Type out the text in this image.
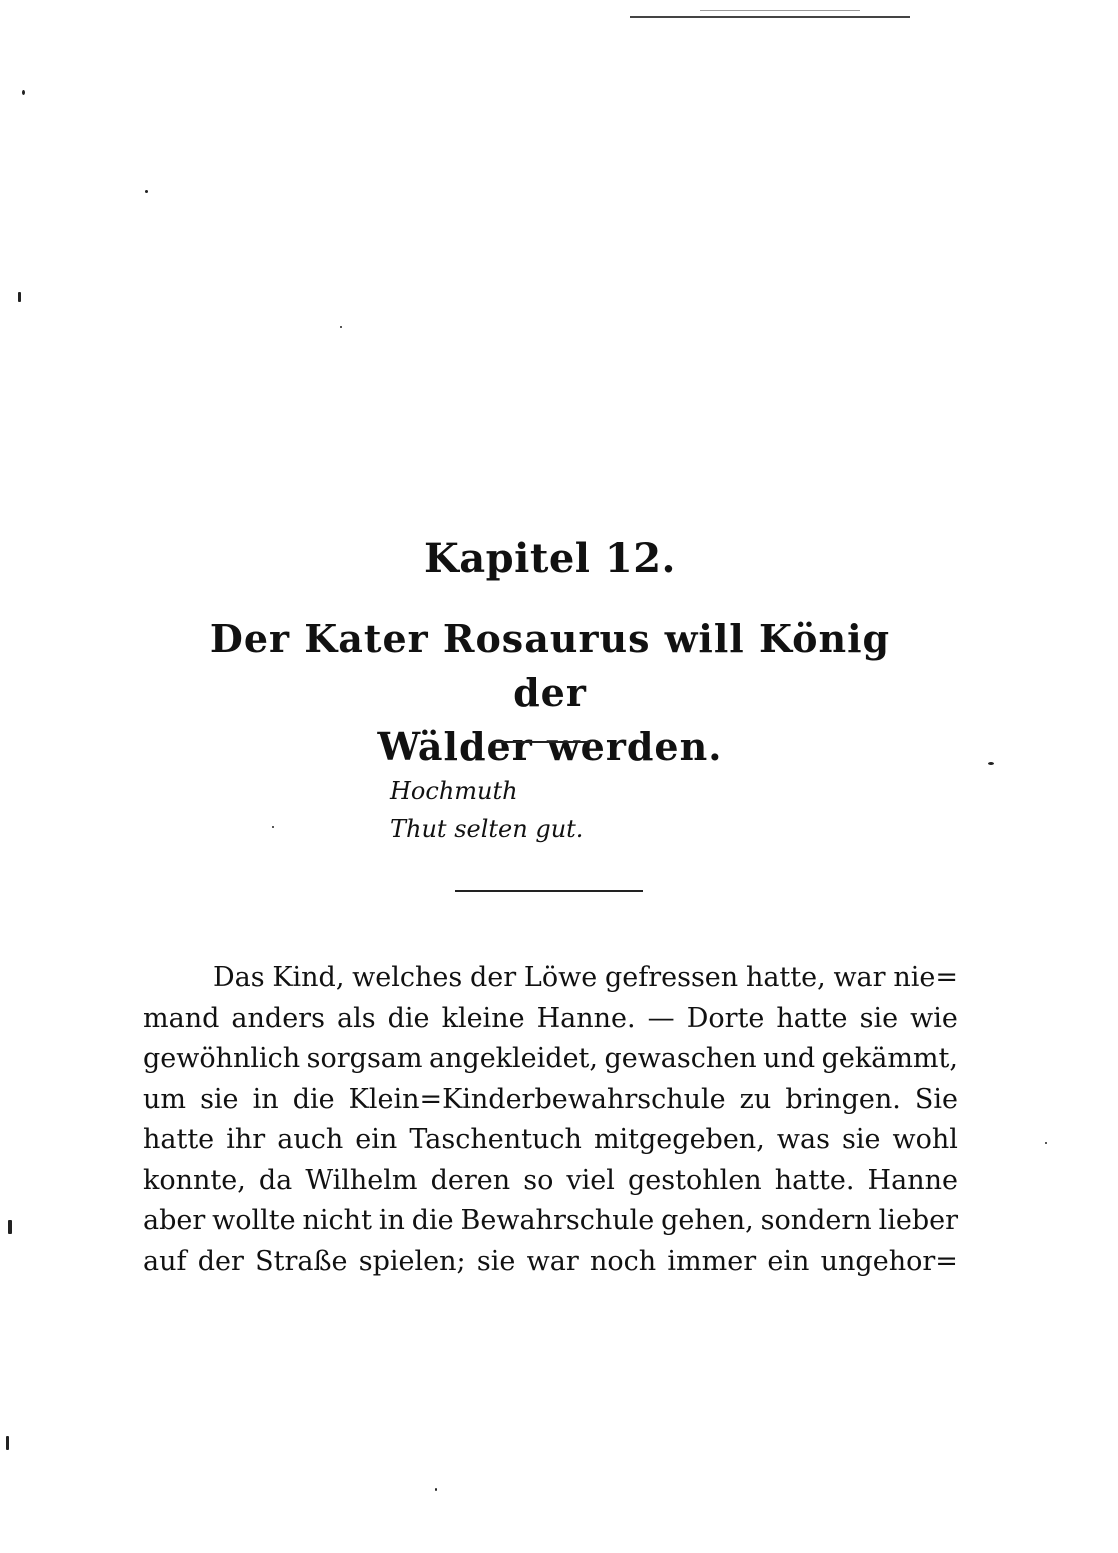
Kapitel 12.
Der Kater Rosaurus will König der
Wälder werden.
Hochmuth
Thut selten gut.
Das Kind, welches der Löwe gefressen hatte, war nie=
mand anders als die kleine Hanne. — Dorte hatte sie wie
gewöhnlich sorgsam angekleidet, gewaschen und gekämmt,
um sie in die Klein=Kinderbewahrschule zu bringen. Sie
hatte ihr auch ein Taschentuch mitgegeben, was sie wohl
konnte, da Wilhelm deren so viel gestohlen hatte. Hanne
aber wollte nicht in die Bewahrschule gehen, sondern lieber
auf der Straße spielen; sie war noch immer ein ungehor=
